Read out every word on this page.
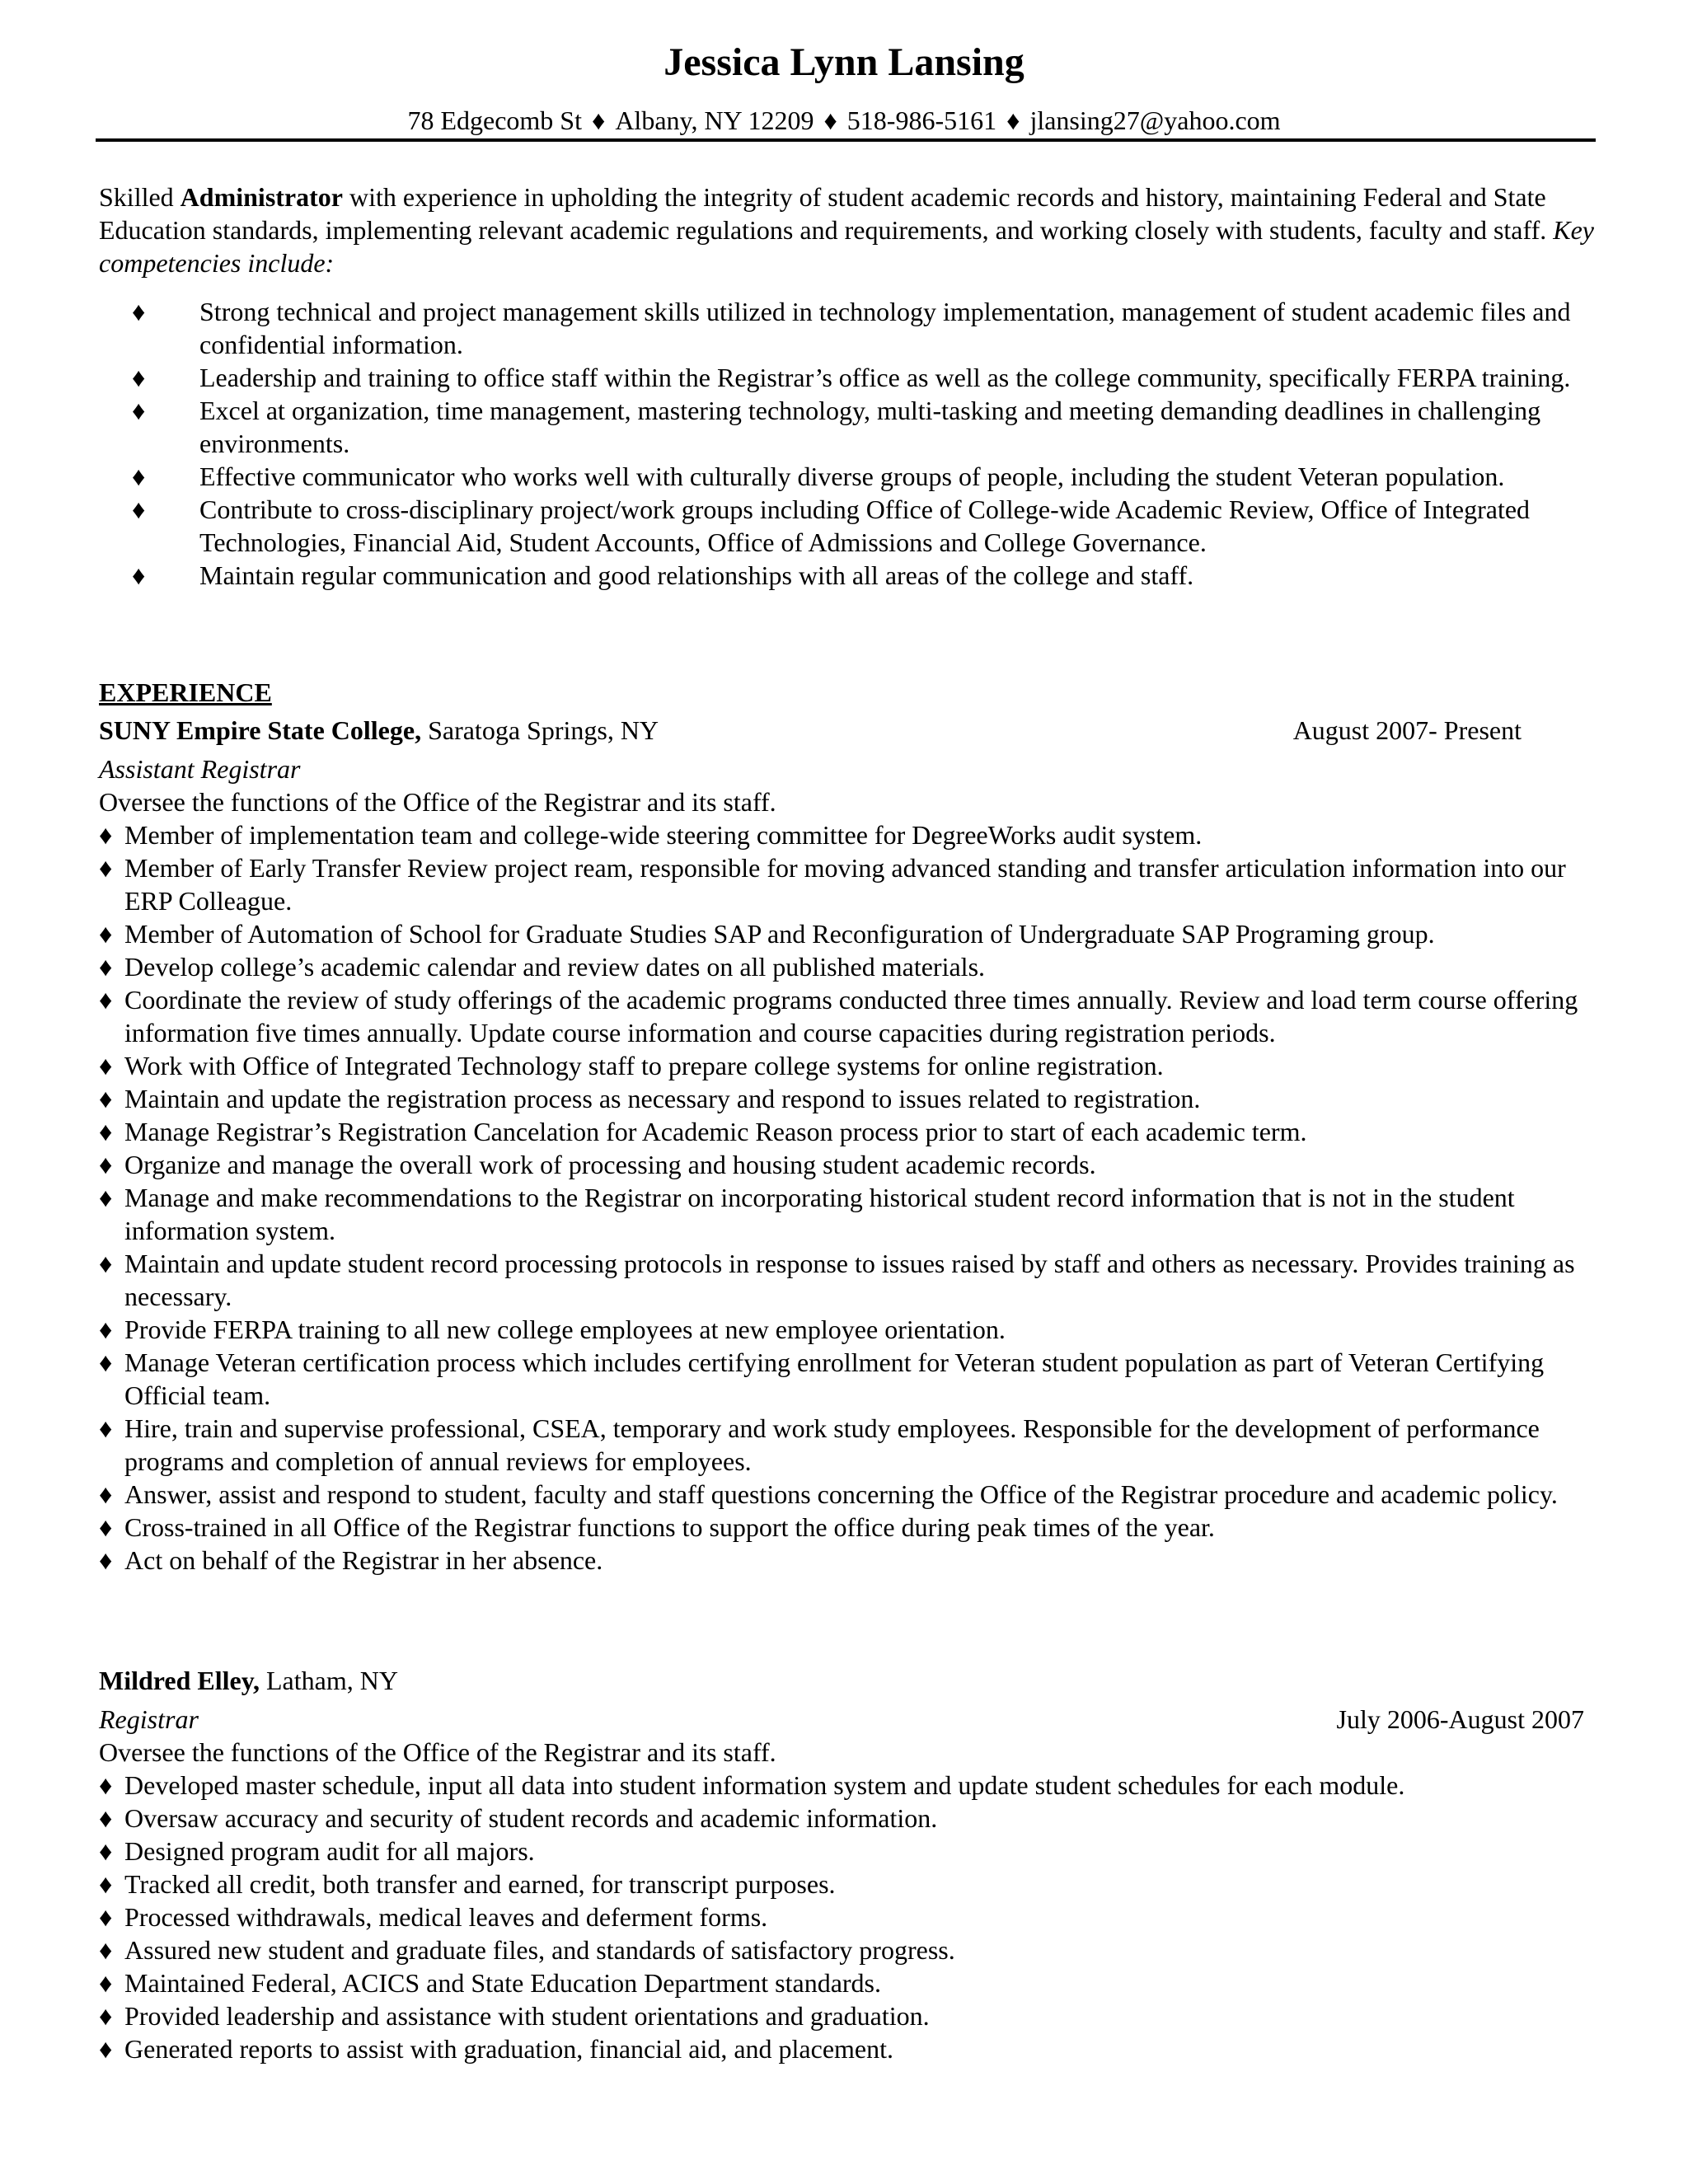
Jessica Lynn Lansing
78 Edgecomb St ♦ Albany, NY 12209 ♦ 518-986-5161 ♦ jlansing27@yahoo.com

Skilled Administrator with experience in upholding the integrity of student academic records and history, maintaining Federal and State Education standards, implementing relevant academic regulations and requirements, and working closely with students, faculty and staff. Key competencies include:

♦ Strong technical and project management skills utilized in technology implementation, management of student academic files and confidential information.
♦ Leadership and training to office staff within the Registrar’s office as well as the college community, specifically FERPA training.
♦ Excel at organization, time management, mastering technology, multi-tasking and meeting demanding deadlines in challenging environments.
♦ Effective communicator who works well with culturally diverse groups of people, including the student Veteran population.
♦ Contribute to cross-disciplinary project/work groups including Office of College-wide Academic Review, Office of Integrated Technologies, Financial Aid, Student Accounts, Office of Admissions and College Governance.
♦ Maintain regular communication and good relationships with all areas of the college and staff.
EXPERIENCE
SUNY Empire State College, Saratoga Springs, NY	August 2007- Present
Assistant Registrar
Oversee the functions of the Office of the Registrar and its staff.
♦ Member of implementation team and college-wide steering committee for DegreeWorks audit system.
♦ Member of Early Transfer Review project ream, responsible for moving advanced standing and transfer articulation information into our ERP Colleague.
♦ Member of Automation of School for Graduate Studies SAP and Reconfiguration of Undergraduate SAP Programing group.
♦ Develop college’s academic calendar and review dates on all published materials.
♦ Coordinate the review of study offerings of the academic programs conducted three times annually. Review and load term course offering information five times annually. Update course information and course capacities during registration periods.
♦ Work with Office of Integrated Technology staff to prepare college systems for online registration.
♦ Maintain and update the registration process as necessary and respond to issues related to registration.
♦ Manage Registrar’s Registration Cancelation for Academic Reason process prior to start of each academic term.
♦ Organize and manage the overall work of processing and housing student academic records.
♦ Manage and make recommendations to the Registrar on incorporating historical student record information that is not in the student information system.
♦ Maintain and update student record processing protocols in response to issues raised by staff and others as necessary. Provides training as necessary.
♦ Provide FERPA training to all new college employees at new employee orientation.
♦ Manage Veteran certification process which includes certifying enrollment for Veteran student population as part of Veteran Certifying Official team.
♦ Hire, train and supervise professional, CSEA, temporary and work study employees. Responsible for the development of performance programs and completion of annual reviews for employees.
♦ Answer, assist and respond to student, faculty and staff questions concerning the Office of the Registrar procedure and academic policy.
♦ Cross-trained in all Office of the Registrar functions to support the office during peak times of the year.
♦ Act on behalf of the Registrar in her absence.
Mildred Elley, Latham, NY
Registrar	July 2006-August 2007
Oversee the functions of the Office of the Registrar and its staff.
♦ Developed master schedule, input all data into student information system and update student schedules for each module.
♦ Oversaw accuracy and security of student records and academic information.
♦ Designed program audit for all majors.
♦ Tracked all credit, both transfer and earned, for transcript purposes.
♦ Processed withdrawals, medical leaves and deferment forms.
♦ Assured new student and graduate files, and standards of satisfactory progress.
♦ Maintained Federal, ACICS and State Education Department standards.
♦ Provided leadership and assistance with student orientations and graduation.
♦ Generated reports to assist with graduation, financial aid, and placement.
